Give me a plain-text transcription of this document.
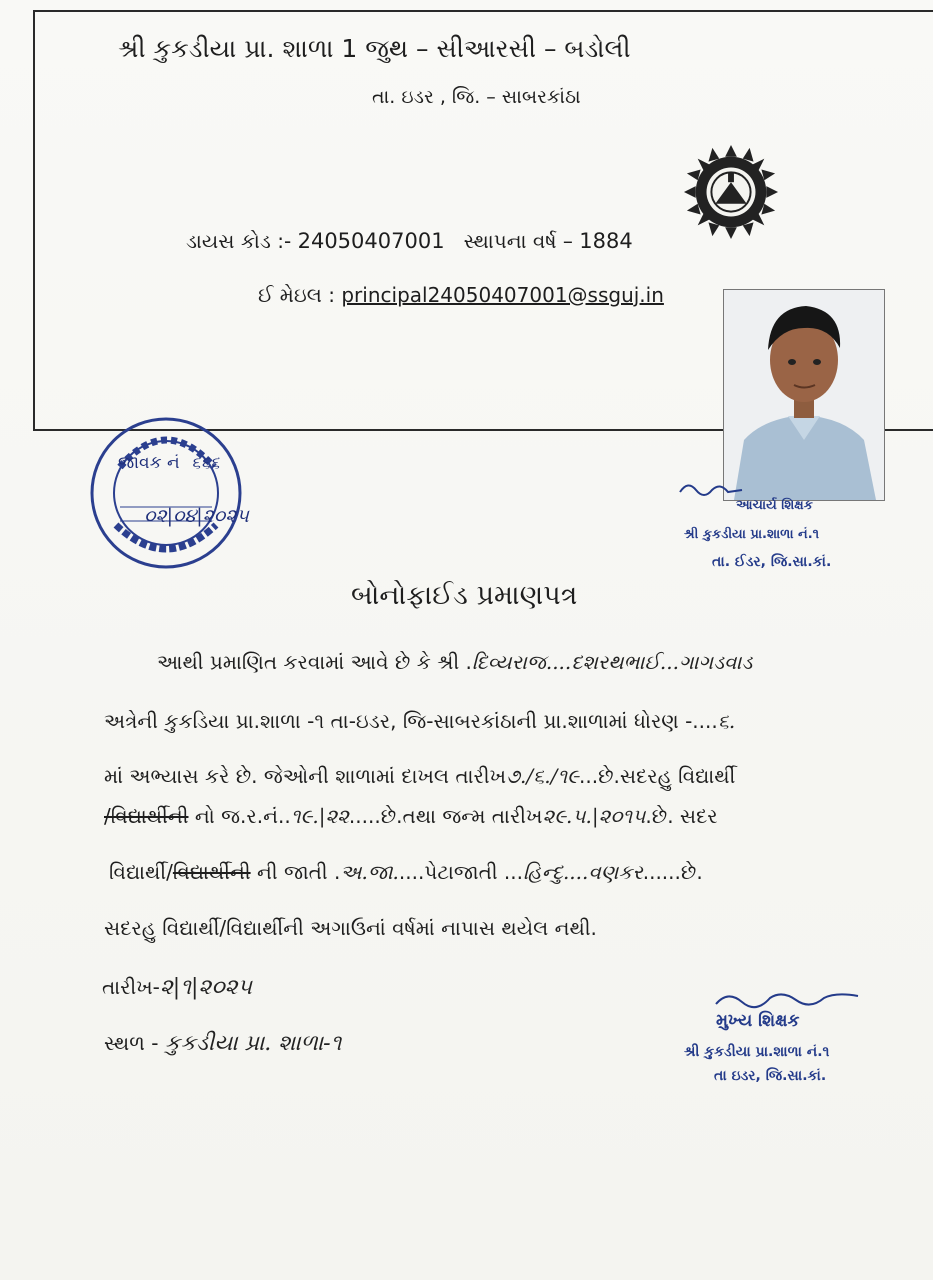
શ્રી કુકડીયા પ્રા. શાળા 1 જુથ – સીઆરસી – બડોલી
તા. ઇડર , જિ. – સાબરકાંઠા
ડાયસ કોડ :- 24050407001 સ્થાપના વર્ષ – 1884
ઈ મેઇલ : principal24050407001@ssguj.in
જાવક નં ૬૬૬
૦૨|૦૪|૨૦૨૫	આચાર્ય શિક્ષક
શ્રી કુકડીયા પ્રા.શાળા નં.૧
તા. ઈડર, જિ.સા.કાં.
બોનોફાઈડ પ્રમાણપત્ર
આથી પ્રમાણિત કરવામાં આવે છે કે શ્રી .દિવ્યરાજ....દશરથભાઈ...ગાગડવાડ
અત્રેની કુકડિયા પ્રા.શાળા -૧ તા-ઇડર, જિ-સાબરકાંઠાની પ્રા.શાળામાં ધોરણ -....૬.
માં અભ્યાસ કરે છે. જેઓની શાળામાં દાખલ તારીખ૭./૬./૧૯...છે.સદરહુ વિદ્યાર્થી
/વિદ્યાર્થીની નો જ.ર.નં..૧૯.|૨૨.....છે.તથા જન્મ તારીખ૨૯.૫.|૨૦૧૫.છે. સદર
વિદ્યાર્થી/વિદ્યાર્થીની ની જાતી .અ.જા.....પેટાજાતી ...હિન્દુ....વણકર......છે.
સદરહુ વિદ્યાર્થી/વિદ્યાર્થીની અગાઉનાં વર્ષમાં નાપાસ થયેલ નથી.
તારીખ-૨|૧|૨૦૨૫
સ્થળ - કુકડીયા પ્રા. શાળા-૧
મુખ્ય શિક્ષક
શ્રી કુકડીયા પ્રા.શાળા નં.૧
તા ઇડર, જિ.સા.કાં.
